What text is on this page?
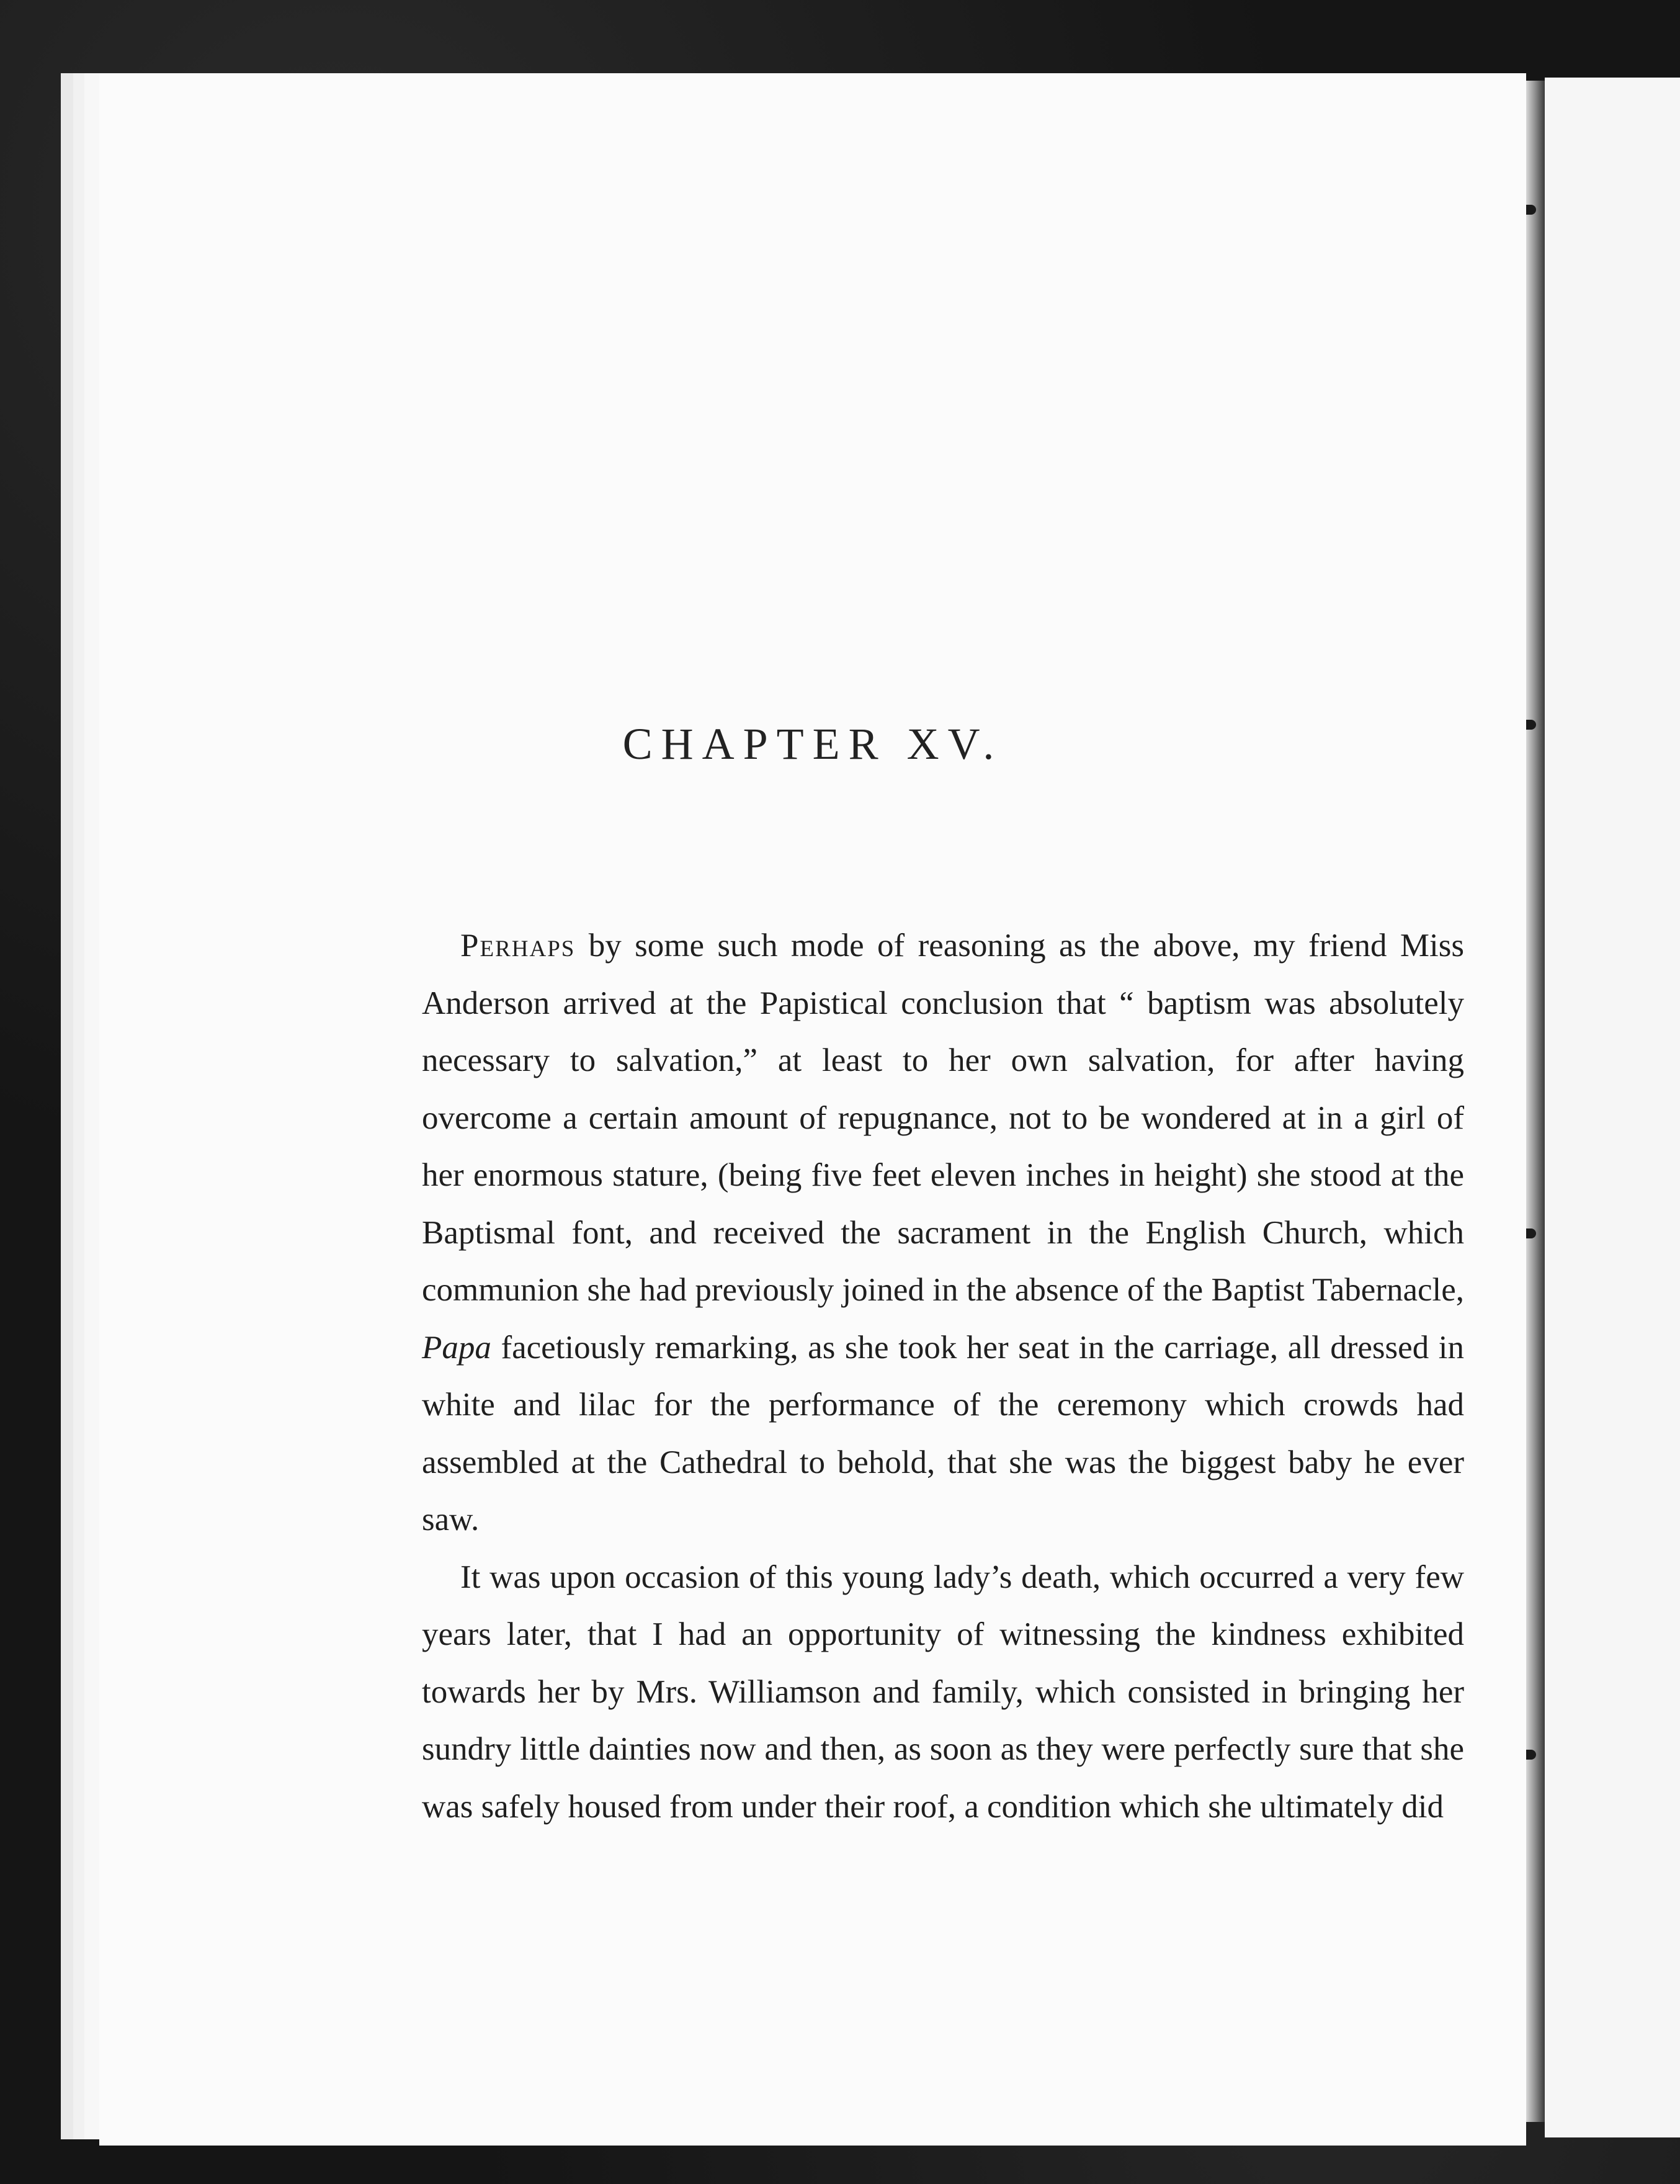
CHAPTER XV.

Perhaps by some such mode of reasoning as the above, my friend Miss Anderson arrived at the Papistical conclusion that “ baptism was absolutely necessary to salvation,” at least to her own salvation, for after having overcome a certain amount of repugnance, not to be wondered at in a girl of her enormous stature, (being five feet eleven inches in height) she stood at the Baptismal font, and received the sacrament in the English Church, which communion she had previously joined in the absence of the Baptist Tabernacle, Papa facetiously remarking, as she took her seat in the carriage, all dressed in white and lilac for the performance of the ceremony which crowds had assembled at the Cathedral to behold, that she was the biggest baby he ever saw.

It was upon occasion of this young lady’s death, which occurred a very few years later, that I had an opportunity of witnessing the kindness exhibited towards her by Mrs. Williamson and family, which consisted in bringing her sundry little dainties now and then, as soon as they were perfectly sure that she was safely housed from under their roof, a condition which she ultimately did
